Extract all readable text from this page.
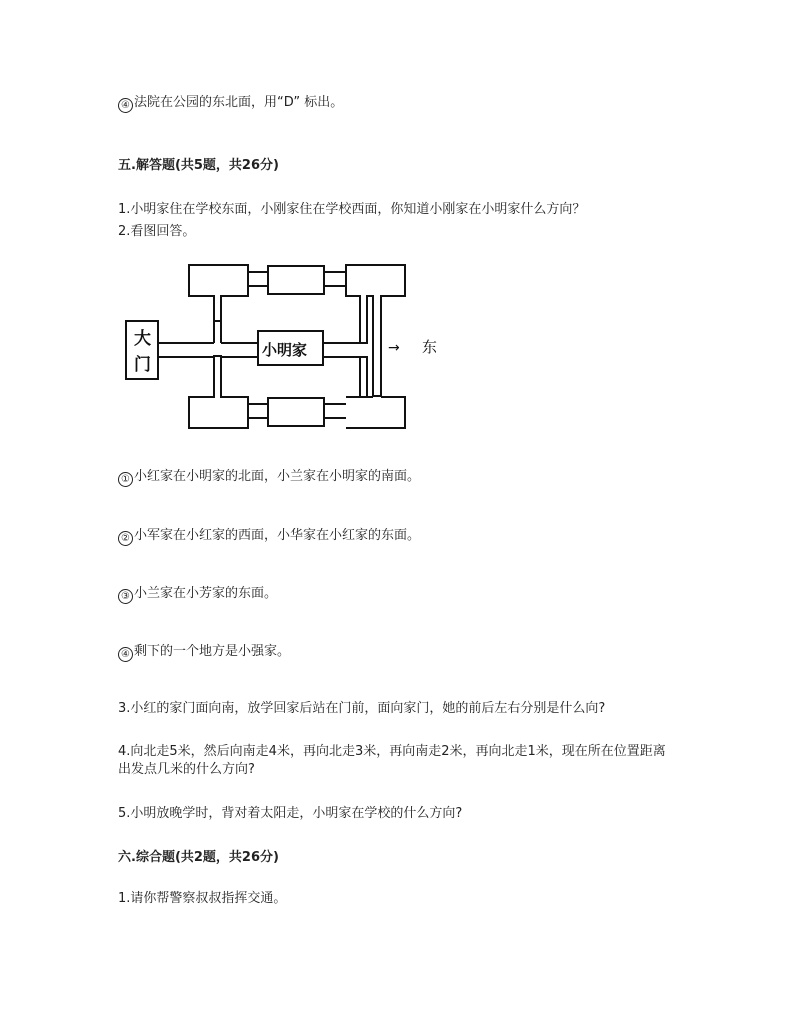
④ 法院在公园的东北面，用“D” 标出。
五.解答题(共5题，共26分)
1.小明家住在学校东面，小刚家住在学校西面，你知道小刚家在小明家什么方向？
2.看图回答。
大
门
小明家	→ 东
① 小红家在小明家的北面，小兰家在小明家的南面。
② 小军家在小红家的西面，小华家在小红家的东面。
③ 小兰家在小芳家的东面。
④ 剩下的一个地方是小强家。
3.小红的家门面向南，放学回家后站在门前，面向家门，她的前后左右分别是什么向?
4.向北走5米，然后向南走4米，再向北走3米，再向南走2米，再向北走1米，现在所在位置距离出发点几米的什么方向?
5.小明放晚学时，背对着太阳走，小明家在学校的什么方向?
六.综合题(共2题，共26分)
1.请你帮警察叔叔指挥交通。
